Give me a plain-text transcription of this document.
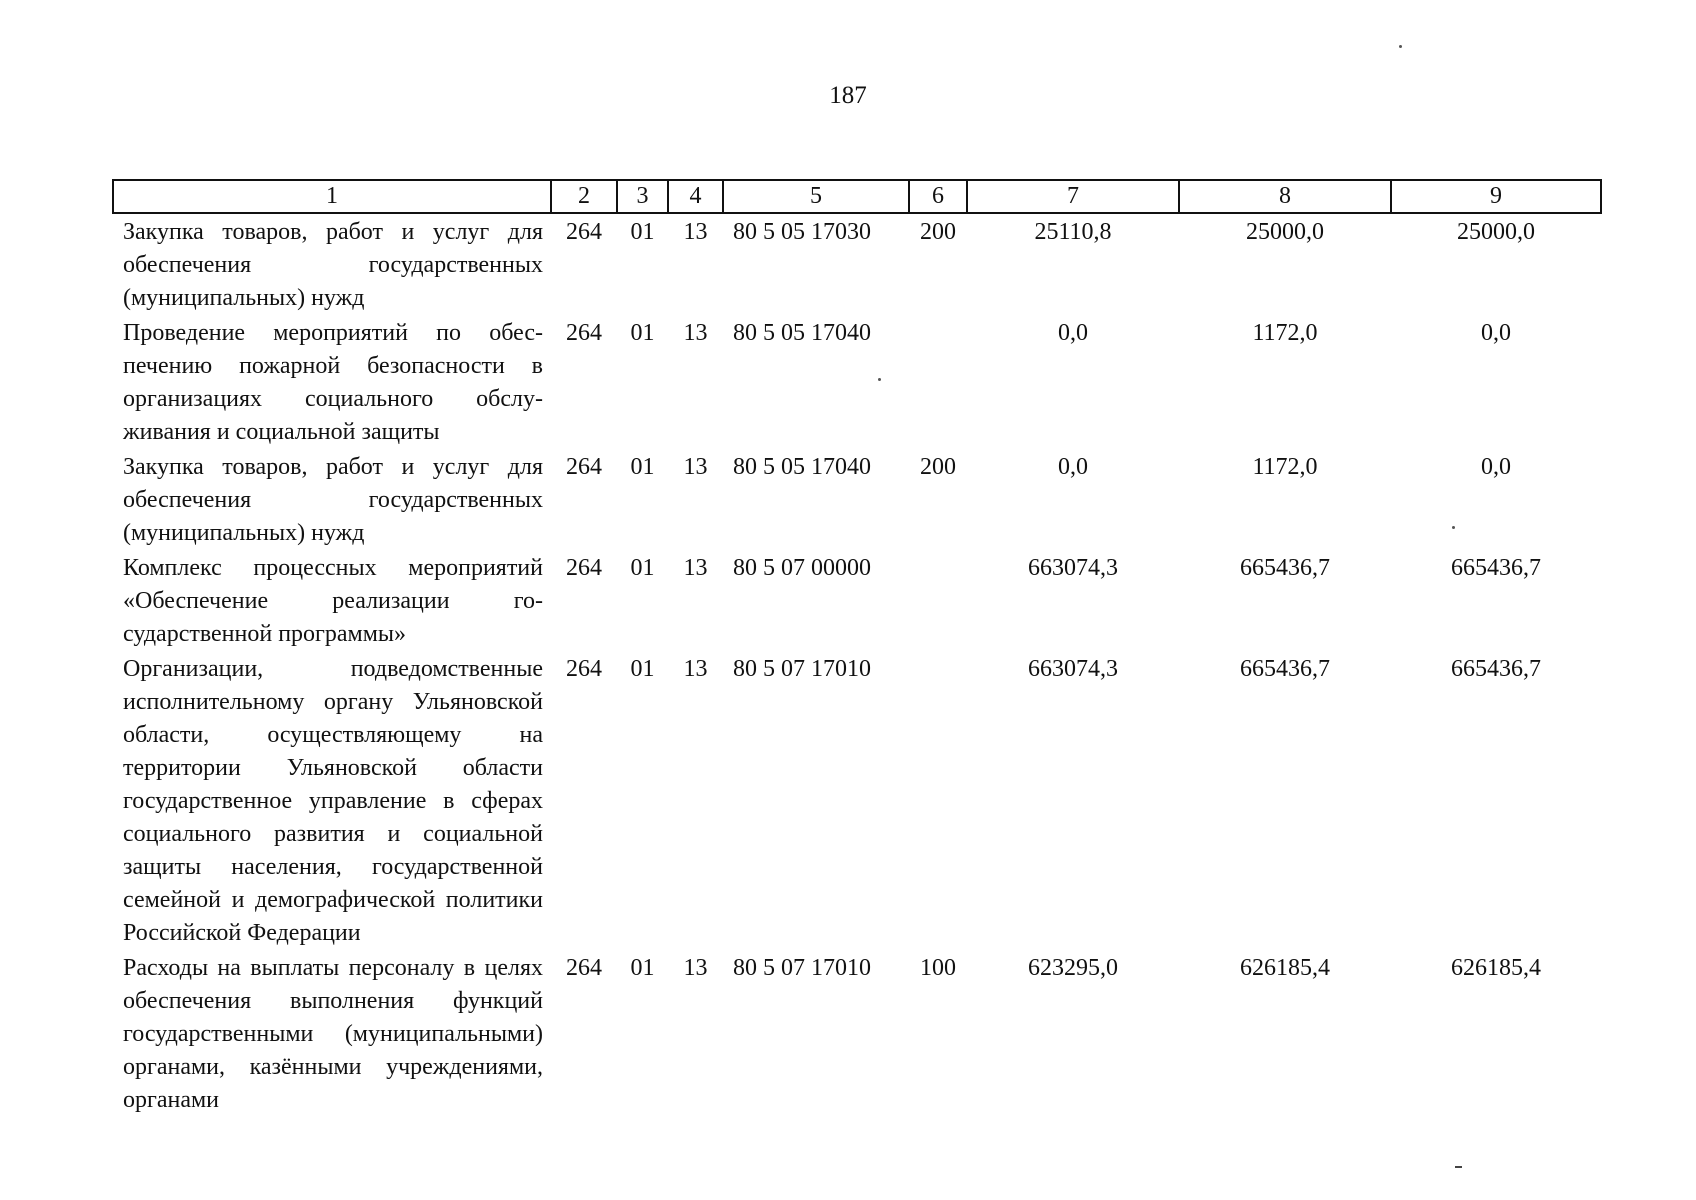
187
1	2	3	4	5	6	7	8	9
Закупка товаров, работ и услуг для обеспечения государственных (муниципальных) нужд	264	01	13	80 5 05 17030	200	25110,8	25000,0	25000,0
Проведение мероприятий по обеспечению пожарной безопасности в организациях социального обслуживания и социальной защиты	264	01	13	80 5 05 17040		0,0	1172,0	0,0
Закупка товаров, работ и услуг для обеспечения государственных (муниципальных) нужд	264	01	13	80 5 05 17040	200	0,0	1172,0	0,0
Комплекс процессных мероприятий «Обеспечение реализации государственной программы»	264	01	13	80 5 07 00000		663074,3	665436,7	665436,7
Организации, подведомственные исполнительному органу Ульяновской области, осуществляющему на территории Ульяновской области государственное управление в сферах социального развития и социальной защиты населения, государственной семейной и демографической политики Российской Федерации	264	01	13	80 5 07 17010		663074,3	665436,7	665436,7
Расходы на выплаты персоналу в целях обеспечения выполнения функций государственными (муниципальными) органами, казёнными учреждениями, органами	264	01	13	80 5 07 17010	100	623295,0	626185,4	626185,4
